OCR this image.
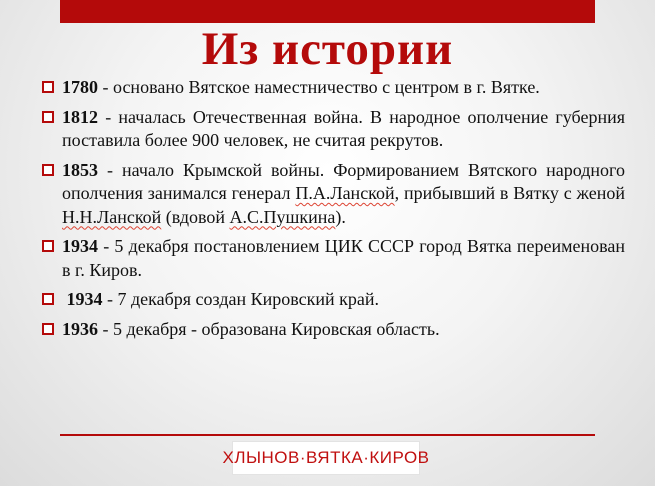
Из истории
1780 - основано Вятское наместничество с центром в г. Вятке.
1812 - началась Отечественная война. В народное ополчение губерния поставила более 900 человек, не считая рекрутов.
1853 - начало Крымской войны. Формированием Вятского народного ополчения занимался генерал П.А.Ланской, прибывший в Вятку с женой Н.Н.Ланской (вдовой А.С.Пушкина).
1934 - 5 декабря постановлением ЦИК СССР город Вятка переименован в г. Киров.
1934 - 7 декабря создан Кировский край.
1936 - 5 декабря - образована Кировская область.
ХЛЫНОВ·ВЯТКА·КИРОВ
